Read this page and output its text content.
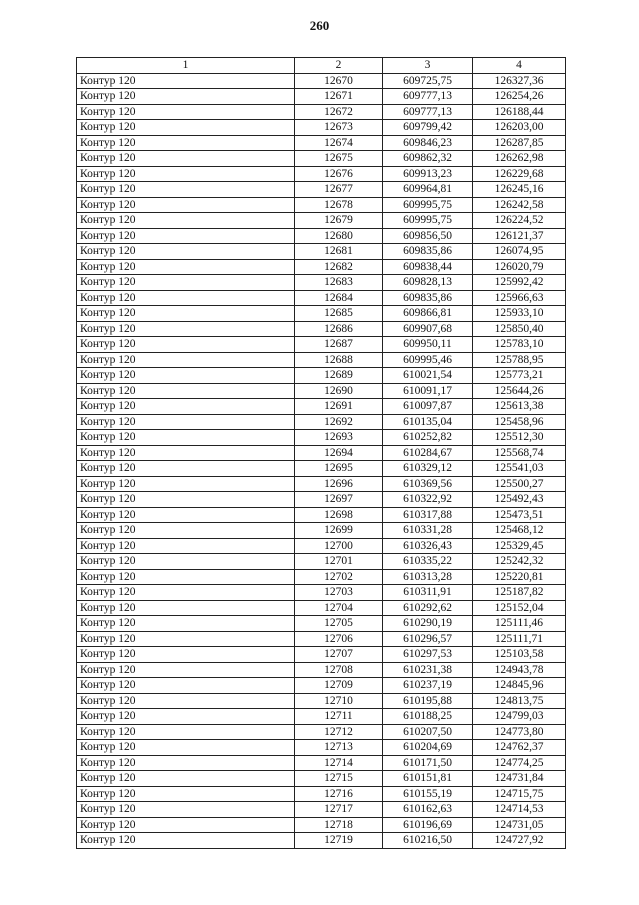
260
1	2	3	4
Контур 120	12670	609725,75	126327,36
Контур 120	12671	609777,13	126254,26
Контур 120	12672	609777,13	126188,44
Контур 120	12673	609799,42	126203,00
Контур 120	12674	609846,23	126287,85
Контур 120	12675	609862,32	126262,98
Контур 120	12676	609913,23	126229,68
Контур 120	12677	609964,81	126245,16
Контур 120	12678	609995,75	126242,58
Контур 120	12679	609995,75	126224,52
Контур 120	12680	609856,50	126121,37
Контур 120	12681	609835,86	126074,95
Контур 120	12682	609838,44	126020,79
Контур 120	12683	609828,13	125992,42
Контур 120	12684	609835,86	125966,63
Контур 120	12685	609866,81	125933,10
Контур 120	12686	609907,68	125850,40
Контур 120	12687	609950,11	125783,10
Контур 120	12688	609995,46	125788,95
Контур 120	12689	610021,54	125773,21
Контур 120	12690	610091,17	125644,26
Контур 120	12691	610097,87	125613,38
Контур 120	12692	610135,04	125458,96
Контур 120	12693	610252,82	125512,30
Контур 120	12694	610284,67	125568,74
Контур 120	12695	610329,12	125541,03
Контур 120	12696	610369,56	125500,27
Контур 120	12697	610322,92	125492,43
Контур 120	12698	610317,88	125473,51
Контур 120	12699	610331,28	125468,12
Контур 120	12700	610326,43	125329,45
Контур 120	12701	610335,22	125242,32
Контур 120	12702	610313,28	125220,81
Контур 120	12703	610311,91	125187,82
Контур 120	12704	610292,62	125152,04
Контур 120	12705	610290,19	125111,46
Контур 120	12706	610296,57	125111,71
Контур 120	12707	610297,53	125103,58
Контур 120	12708	610231,38	124943,78
Контур 120	12709	610237,19	124845,96
Контур 120	12710	610195,88	124813,75
Контур 120	12711	610188,25	124799,03
Контур 120	12712	610207,50	124773,80
Контур 120	12713	610204,69	124762,37
Контур 120	12714	610171,50	124774,25
Контур 120	12715	610151,81	124731,84
Контур 120	12716	610155,19	124715,75
Контур 120	12717	610162,63	124714,53
Контур 120	12718	610196,69	124731,05
Контур 120	12719	610216,50	124727,92
